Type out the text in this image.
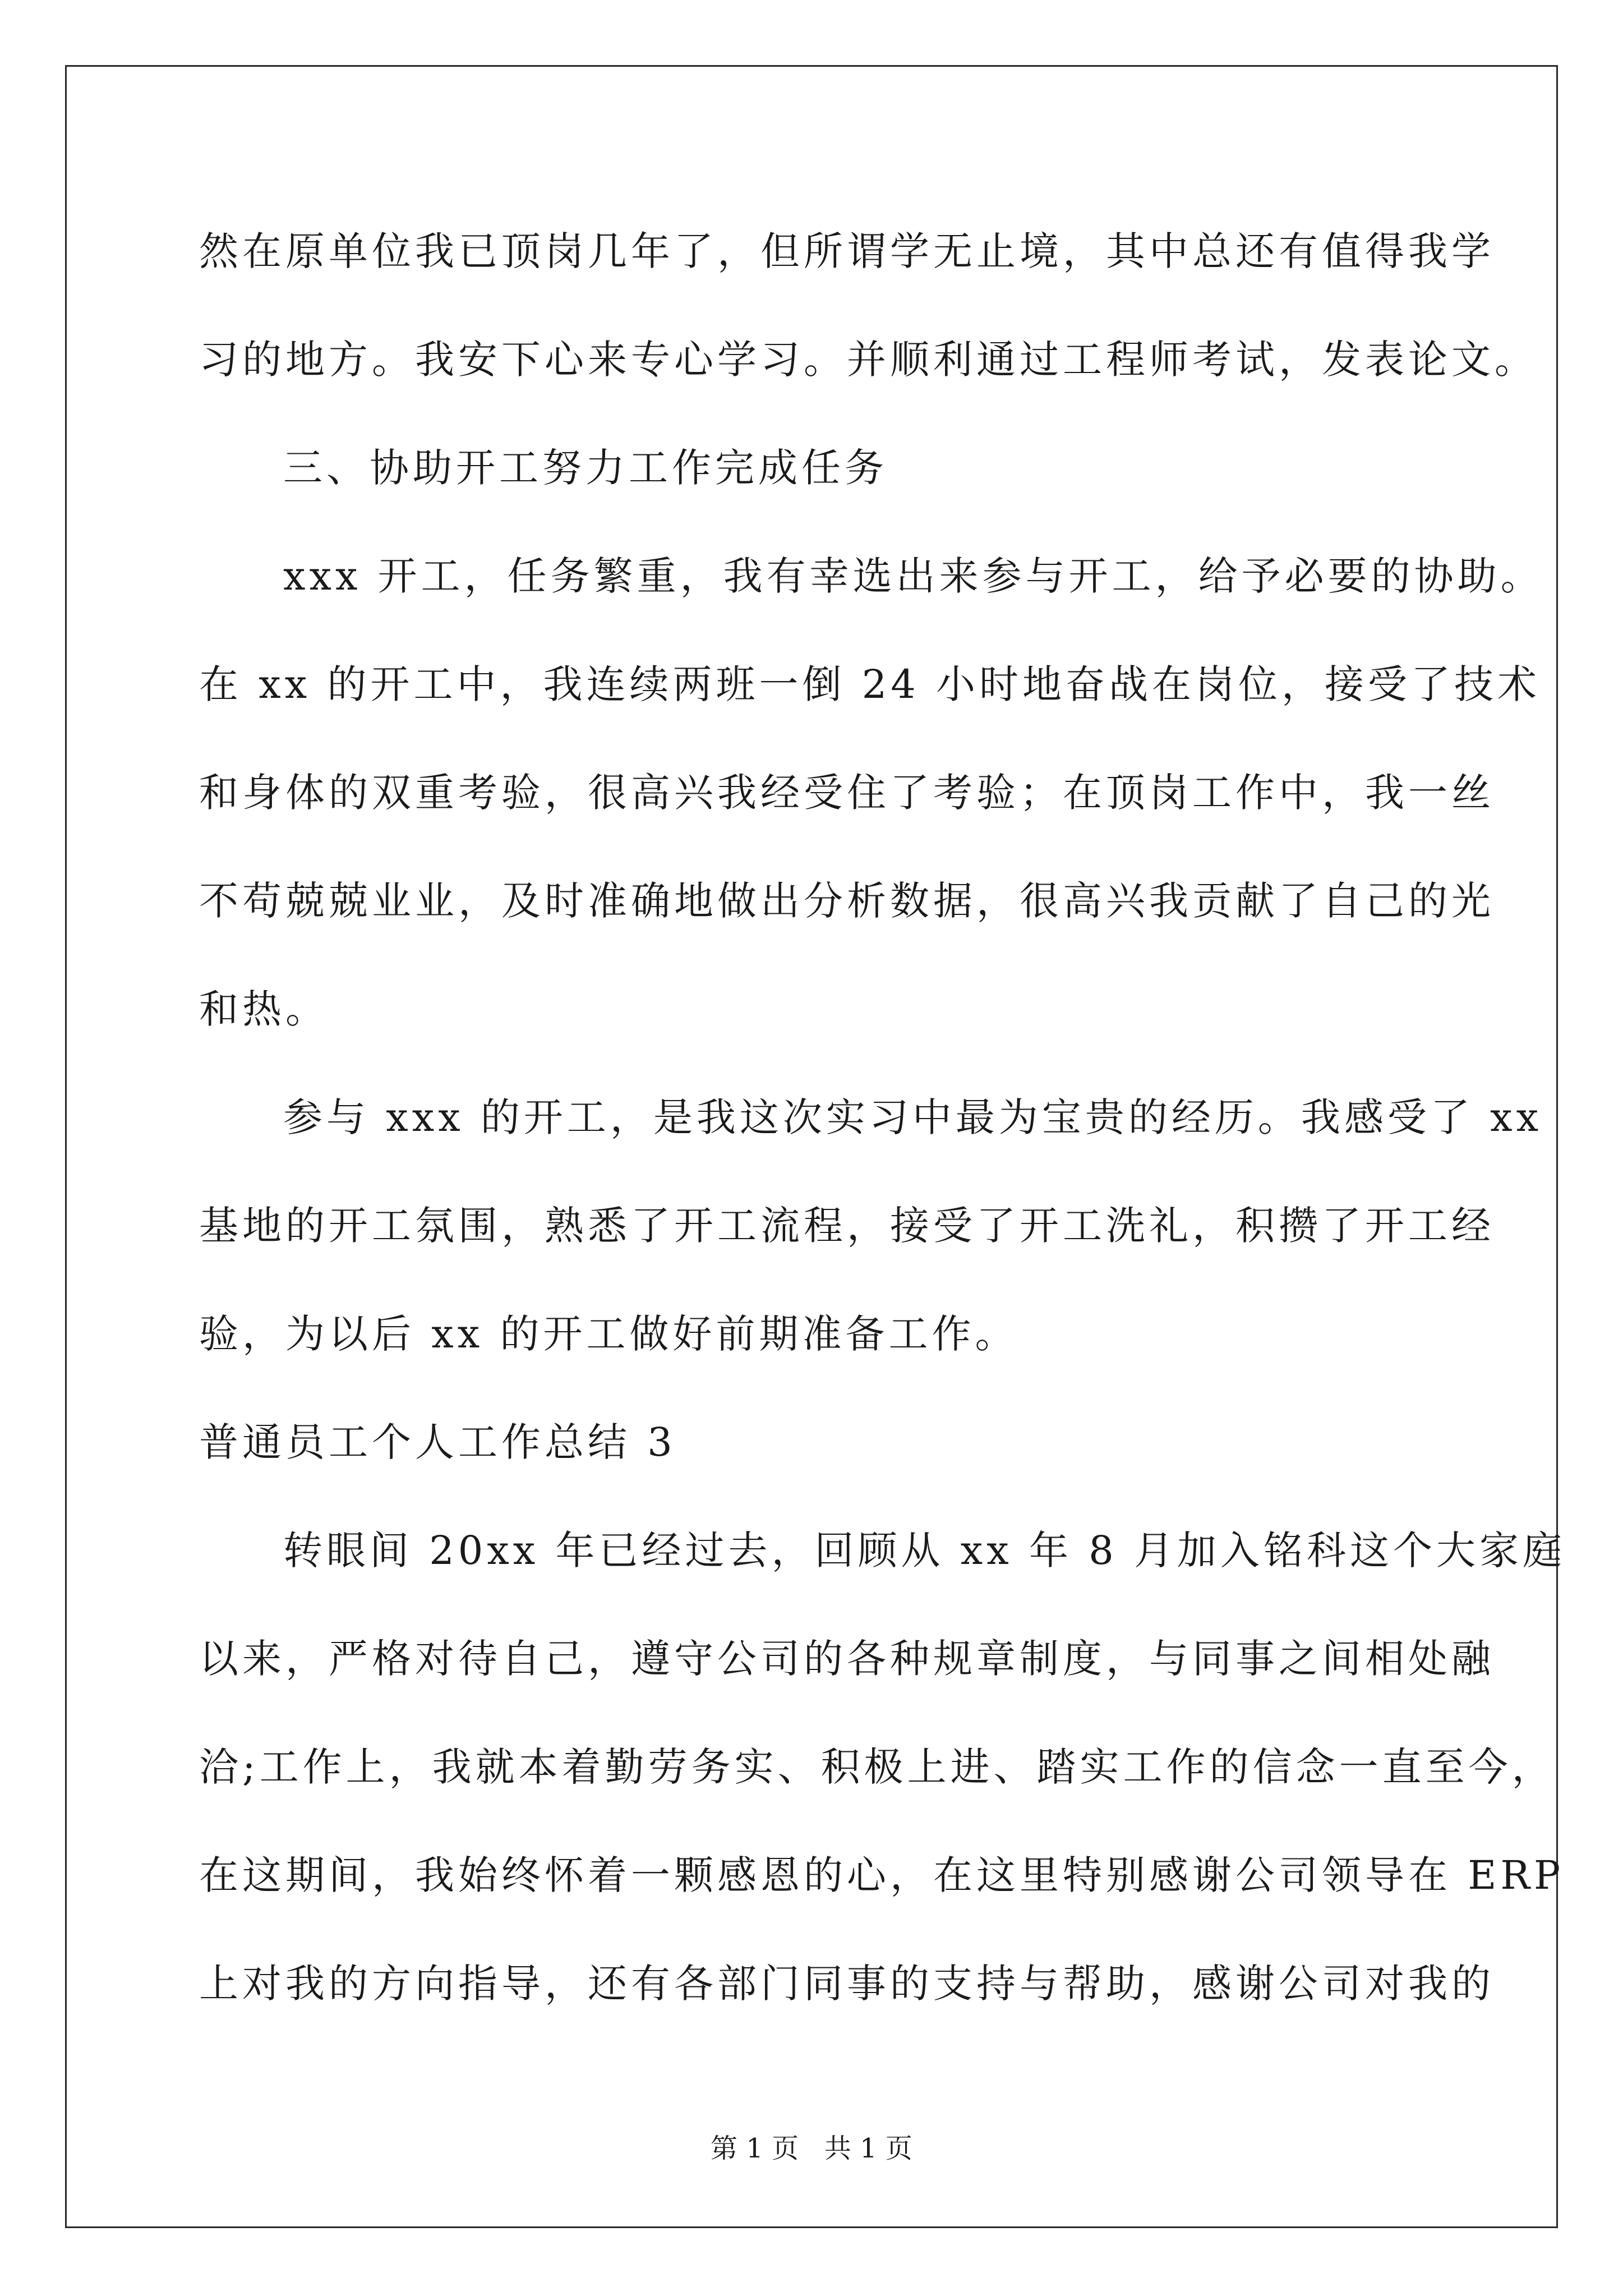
然在原单位我已顶岗几年了，但所谓学无止境，其中总还有值得我学
习的地方。我安下心来专心学习。并顺利通过工程师考试，发表论文。
三、协助开工努力工作完成任务
xxx 开工，任务繁重，我有幸选出来参与开工，给予必要的协助。
在 xx 的开工中，我连续两班一倒 24 小时地奋战在岗位，接受了技术
和身体的双重考验，很高兴我经受住了考验；在顶岗工作中，我一丝
不苟兢兢业业，及时准确地做出分析数据，很高兴我贡献了自己的光
和热。
参与 xxx 的开工，是我这次实习中最为宝贵的经历。我感受了 xx
基地的开工氛围，熟悉了开工流程，接受了开工洗礼，积攒了开工经
验，为以后 xx 的开工做好前期准备工作。
普通员工个人工作总结 3
转眼间 20xx 年已经过去，回顾从 xx 年 8 月加入铭科这个大家庭
以来，严格对待自己，遵守公司的各种规章制度，与同事之间相处融
洽;工作上，我就本着勤劳务实、积极上进、踏实工作的信念一直至今，
在这期间，我始终怀着一颗感恩的心，在这里特别感谢公司领导在 ERP
上对我的方向指导，还有各部门同事的支持与帮助，感谢公司对我的
第 1 页   共 1 页
